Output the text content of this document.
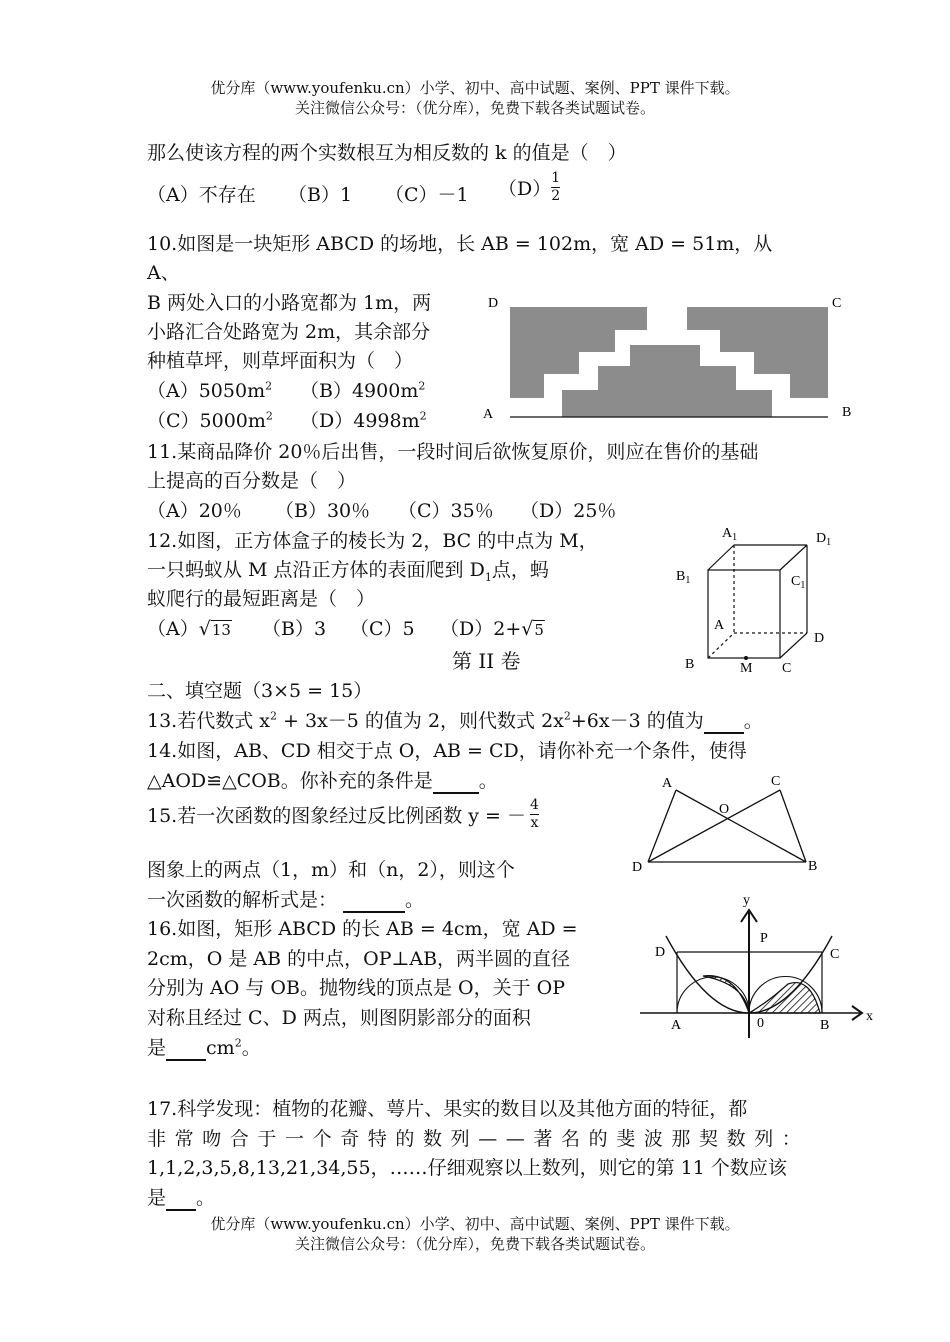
优分库（www.youfenku.cn）小学、初中、高中试题、案例、PPT 课件下载。
关注微信公众号：（优分库），免费下载各类试题试卷。
那么使该方程的两个实数根互为相反数的 k 的值是（　）
（A）不存在 （B）1 （C）－1 $(D) \frac{1}{2}$
10.如图是一块矩形 ABCD 的场地，长 AB = 102m，宽 AD = 51m，从
A、
B 两处入口的小路宽都为 1m，两
小路汇合处路宽为 2m，其余部分
种植草坪，则草坪面积为（　）
$(A)5050m^2$ $(B)4900m^2$
$(C)5000m^2$ $(D)4998m^2$
D	C
A	B
11.某商品降价 20％后出售，一段时间后欲恢复原价，则应在售价的基础
上提高的百分数是（　）
（A）20％ （B）30％ （C）35％ （D）25％
12.如图，正方体盒子的棱长为 2，BC 的中点为 M，
一只蚂蚁从 M 点沿正方体的表面爬到 $D_1$点，蚂
蚁爬行的最短距离是（　）
（A）√13 （B）3 （C）5 （D）2+√5
$A_1$	$D_1$
$B_1$	$C_1$
A
D
B	M C
第 II 卷
二、填空题（3×5 = 15）
13.若代数式 $x^2 + 3x-5$ 的值为 2，则代数式 $2x^2+6x-3$ 的值为 。
14.如图，AB、CD 相交于点 O，AB = CD，请你补充一个条件，使得
△AOD≌△COB。你补充的条件是 。	A	C
O
D	B
15.若一次函数的图象经过反比例函数 y = － $\frac{4}{x}$
图象上的两点（1，m）和（n，2），则这个
一次函数的解析式是：	。
16.如图，矩形 ABCD 的长 AB = 4cm，宽 AD =
2cm，O 是 AB 的中点，OP⊥AB，两半圆的直径
分别为 AO 与 OB。抛物线的顶点是 O，关于 OP
对称且经过 C、D 两点，则图阴影部分的面积
是 $cm^2$。
y
P
D	C
A	0	B
x
17.科学发现：植物的花瓣、萼片、果实的数目以及其他方面的特征，都
非常吻合于一个奇特的数列——著名的斐波那契数列：
1,1,2,3,5,8,13,21,34,55，……仔细观察以上数列，则它的第 11 个数应该
是 。
优分库（www.youfenku.cn）小学、初中、高中试题、案例、PPT 课件下载。
关注微信公众号：（优分库），免费下载各类试题试卷。
